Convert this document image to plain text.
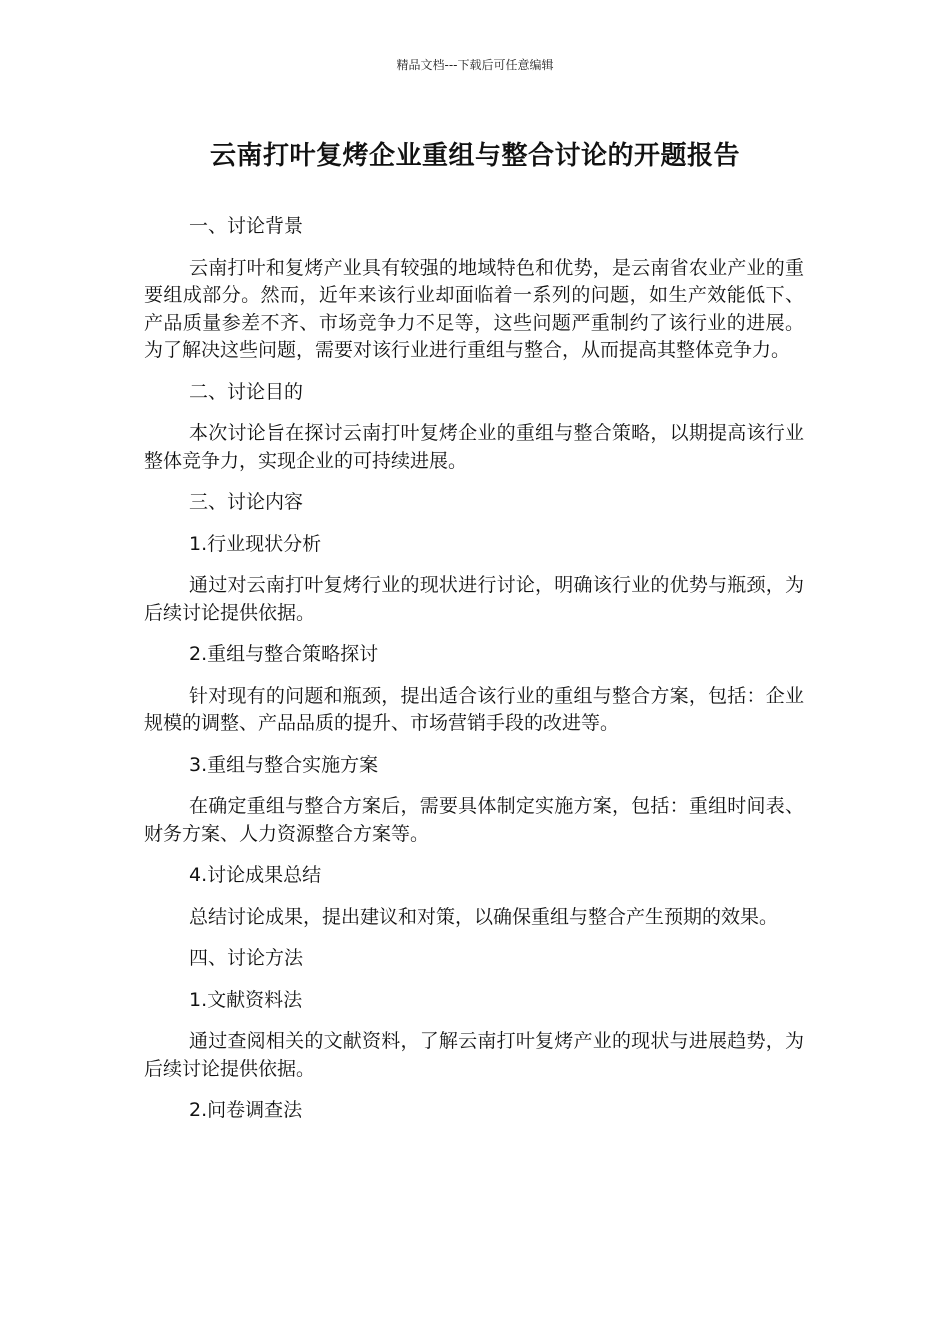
精品文档---下载后可任意编辑
云南打叶复烤企业重组与整合讨论的开题报告

一、讨论背景

云南打叶和复烤产业具有较强的地域特色和优势，是云南省农业产业的重要组成部分。然而，近年来该行业却面临着一系列的问题，如生产效能低下、产品质量参差不齐、市场竞争力不足等，这些问题严重制约了该行业的进展。为了解决这些问题，需要对该行业进行重组与整合，从而提高其整体竞争力。

二、讨论目的

本次讨论旨在探讨云南打叶复烤企业的重组与整合策略，以期提高该行业整体竞争力，实现企业的可持续进展。

三、讨论内容

1.行业现状分析

通过对云南打叶复烤行业的现状进行讨论，明确该行业的优势与瓶颈，为后续讨论提供依据。

2.重组与整合策略探讨

针对现有的问题和瓶颈，提出适合该行业的重组与整合方案，包括：企业规模的调整、产品品质的提升、市场营销手段的改进等。

3.重组与整合实施方案

在确定重组与整合方案后，需要具体制定实施方案，包括：重组时间表、财务方案、人力资源整合方案等。

4.讨论成果总结

总结讨论成果，提出建议和对策，以确保重组与整合产生预期的效果。

四、讨论方法

1.文献资料法

通过查阅相关的文献资料，了解云南打叶复烤产业的现状与进展趋势，为后续讨论提供依据。

2.问卷调查法
